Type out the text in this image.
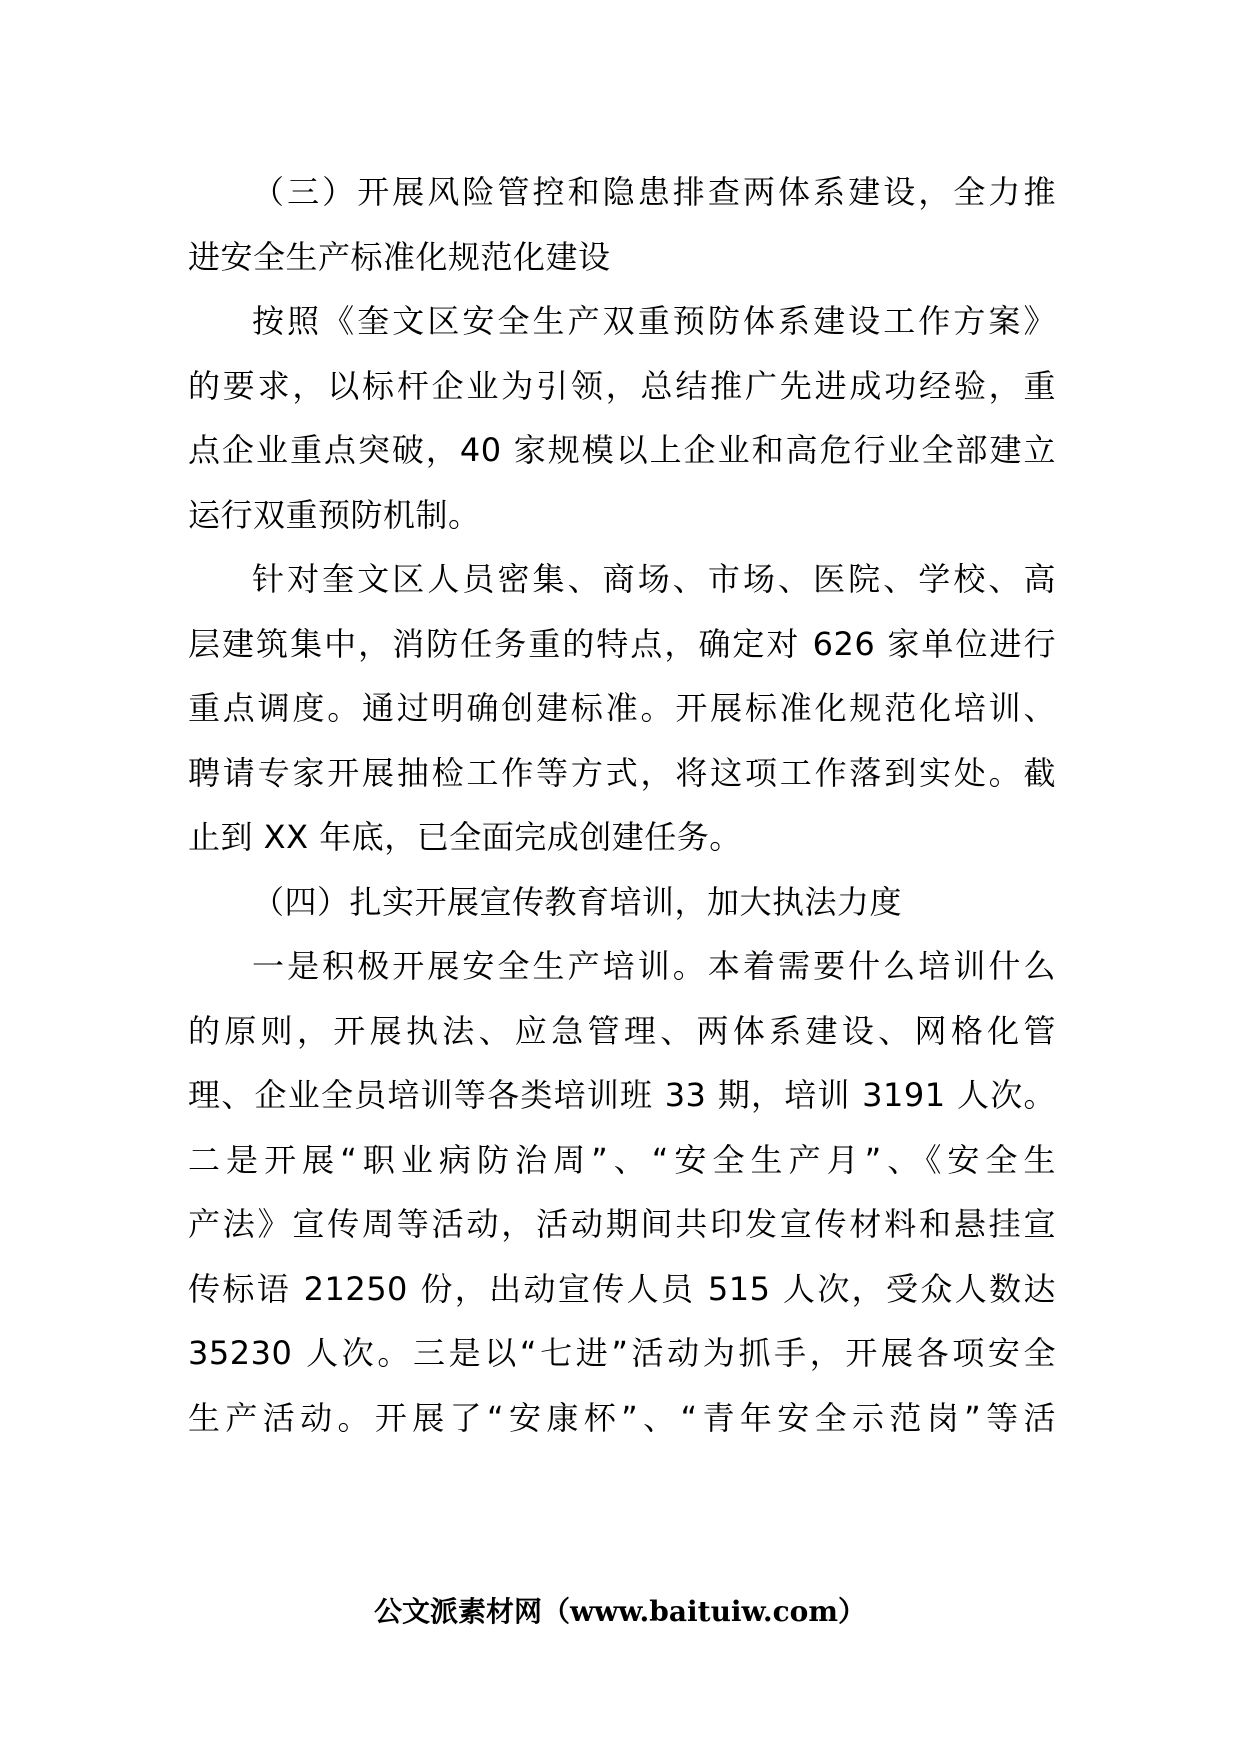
（三）开展风险管控和隐患排查两体系建设，全力推
进安全生产标准化规范化建设
按照《奎文区安全生产双重预防体系建设工作方案》
的要求，以标杆企业为引领，总结推广先进成功经验，重
点企业重点突破，40 家规模以上企业和高危行业全部建立
运行双重预防机制。
针对奎文区人员密集、商场、市场、医院、学校、高
层建筑集中，消防任务重的特点，确定对 626 家单位进行
重点调度。通过明确创建标准。开展标准化规范化培训、
聘请专家开展抽检工作等方式，将这项工作落到实处。截
止到 XX 年底，已全面完成创建任务。
（四）扎实开展宣传教育培训，加大执法力度
一是积极开展安全生产培训。本着需要什么培训什么
的原则，开展执法、应急管理、两体系建设、网格化管
理、企业全员培训等各类培训班 33 期，培训 3191 人次。
二是开展“职业病防治周”、“安全生产月”、《安全生
产法》宣传周等活动，活动期间共印发宣传材料和悬挂宣
传标语 21250 份，出动宣传人员 515 人次，受众人数达
35230 人次。三是以“七进”活动为抓手，开展各项安全
生产活动。开展了“安康杯”、“青年安全示范岗”等活
公文派素材网（www.baituiw.com）
